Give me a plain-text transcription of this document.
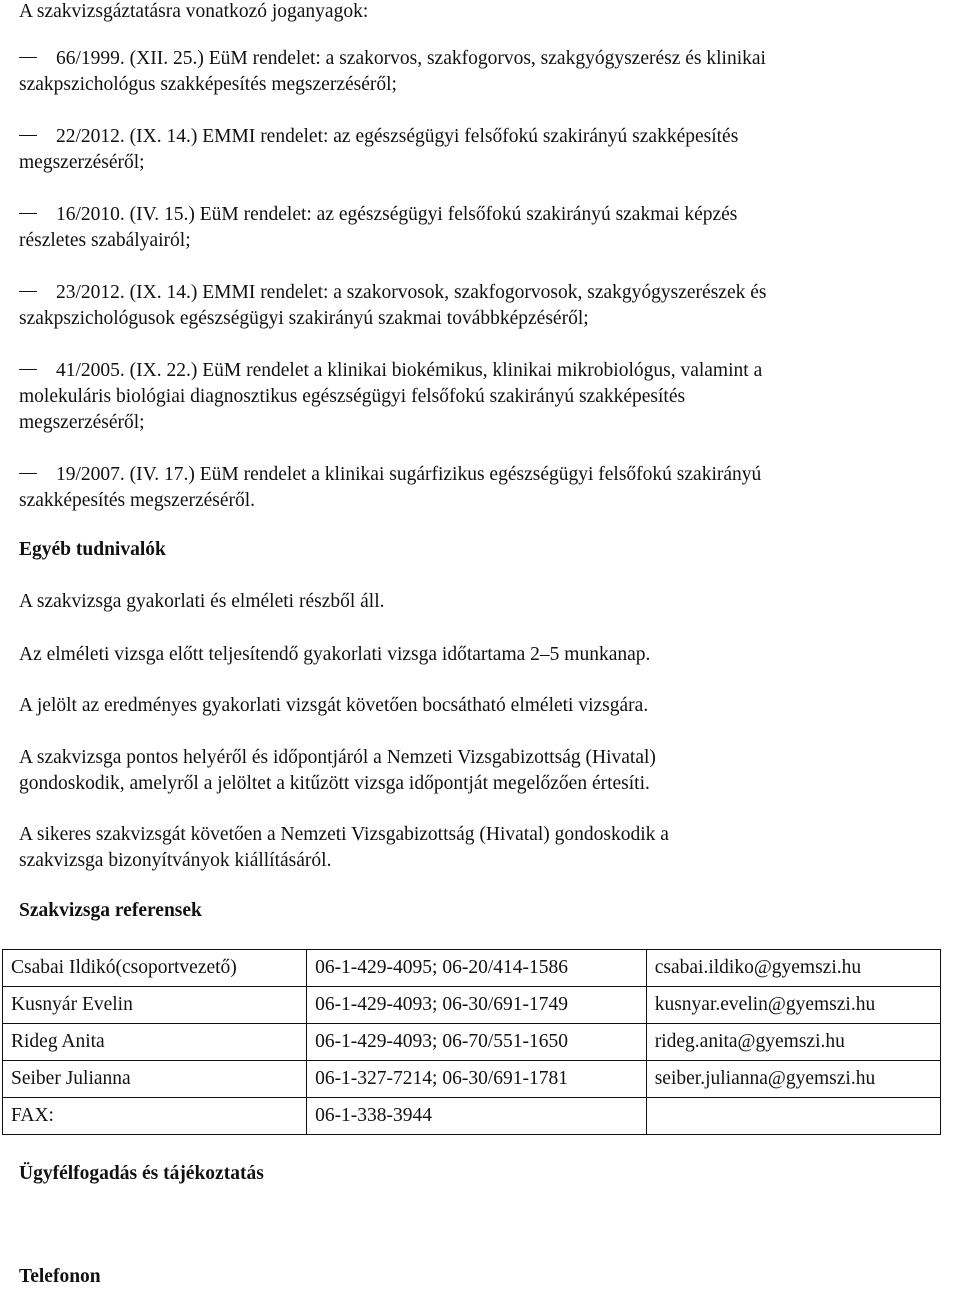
A szakvizsgáztatásra vonatkozó joganyagok:

66/1999. (XII. 25.) EüM rendelet: a szakorvos, szakfogorvos, szakgyógyszerész és klinikai
szakpszichológus szakképesítés megszerzéséről;
22/2012. (IX. 14.) EMMI rendelet: az egészségügyi felsőfokú szakirányú szakképesítés
megszerzéséről;
16/2010. (IV. 15.) EüM rendelet: az egészségügyi felsőfokú szakirányú szakmai képzés
részletes szabályairól;
23/2012. (IX. 14.) EMMI rendelet: a szakorvosok, szakfogorvosok, szakgyógyszerészek és
szakpszichológusok egészségügyi szakirányú szakmai továbbképzéséről;
41/2005. (IX. 22.) EüM rendelet a klinikai biokémikus, klinikai mikrobiológus, valamint a
molekuláris biológiai diagnosztikus egészségügyi felsőfokú szakirányú szakképesítés
megszerzéséről;
19/2007. (IV. 17.) EüM rendelet a klinikai sugárfizikus egészségügyi felsőfokú szakirányú
szakképesítés megszerzéséről.
Egyéb tudnivalók

A szakvizsga gyakorlati és elméleti részből áll.

Az elméleti vizsga előtt teljesítendő gyakorlati vizsga időtartama 2–5 munkanap.

A jelölt az eredményes gyakorlati vizsgát követően bocsátható elméleti vizsgára.

A szakvizsga pontos helyéről és időpontjáról a Nemzeti Vizsgabizottság (Hivatal)
gondoskodik, amelyről a jelöltet a kitűzött vizsga időpontját megelőzően értesíti.

A sikeres szakvizsgát követően a Nemzeti Vizsgabizottság (Hivatal) gondoskodik a
szakvizsga bizonyítványok kiállításáról.

Szakvizsga referensek
Ügyfélfogadás és tájékoztatás
Telefonon
Csabai Ildikó(csoportvezető)	06-1-429-4095; 06-20/414-1586	csabai.ildiko@gyemszi.hu
Kusnyár Evelin	06-1-429-4093; 06-30/691-1749	kusnyar.evelin@gyemszi.hu
Rideg Anita	06-1-429-4093; 06-70/551-1650	rideg.anita@gyemszi.hu
Seiber Julianna	06-1-327-7214; 06-30/691-1781	seiber.julianna@gyemszi.hu
FAX:	06-1-338-3944	
